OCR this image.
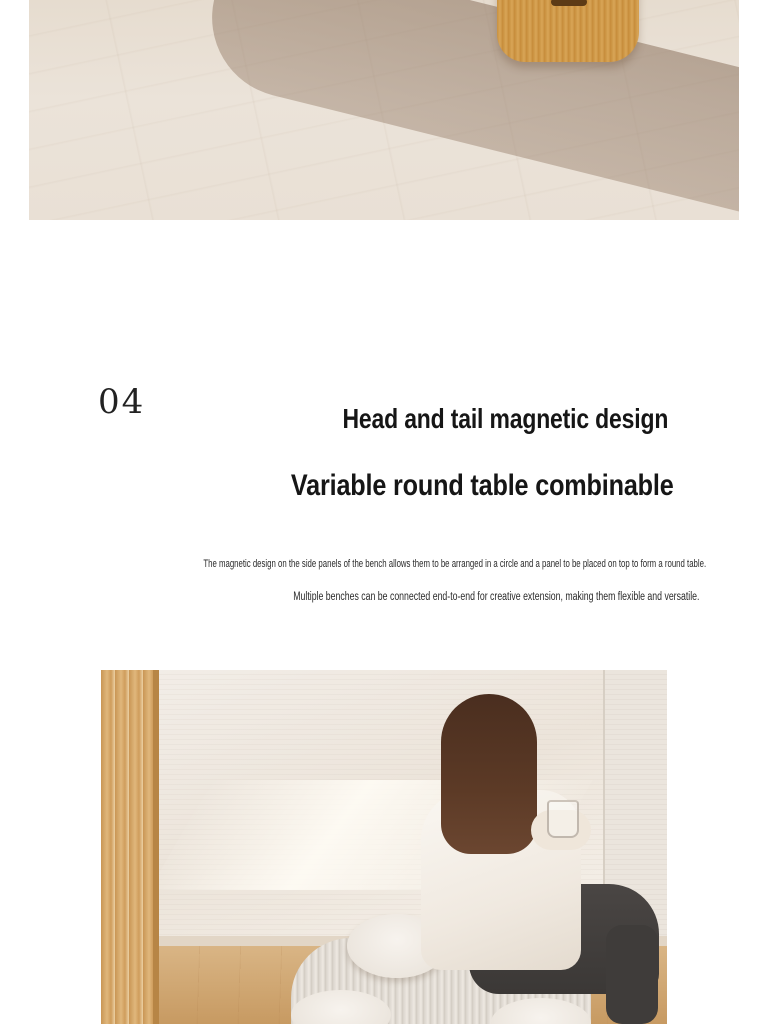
04	Head and tail magnetic design
Variable round table combinable
The magnetic design on the side panels of the bench allows them to be arranged in a circle and a panel to be placed on top to form a round table.
Multiple benches can be connected end-to-end for creative extension, making them flexible and versatile.
